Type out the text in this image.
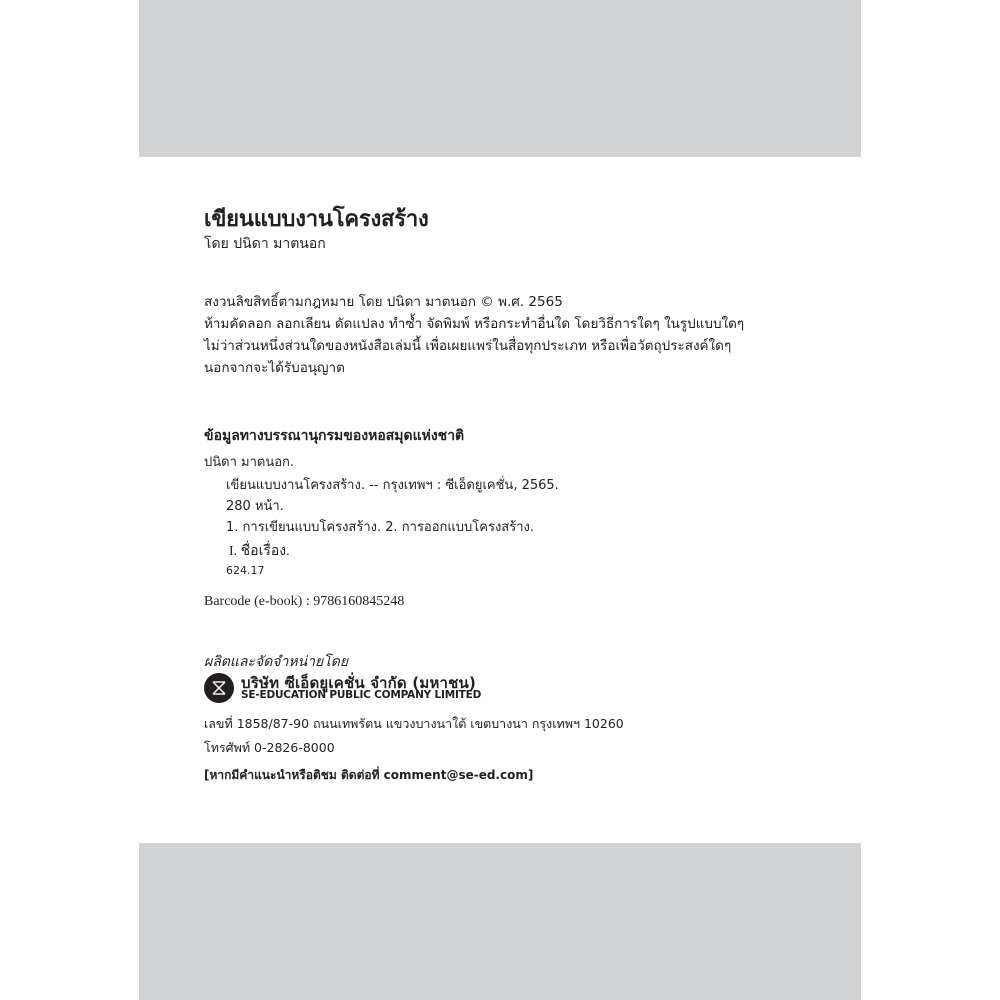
เขียนแบบงานโครงสร้าง
โดย ปนิดา มาตนอก
สงวนลิขสิทธิ์ตามกฎหมาย โดย ปนิดา มาตนอก © พ.ศ. 2565
ห้ามคัดลอก ลอกเลียน ดัดแปลง ทำซ้ำ จัดพิมพ์ หรือกระทำอื่นใด โดยวิธีการใดๆ ในรูปแบบใดๆ
ไม่ว่าส่วนหนึ่งส่วนใดของหนังสือเล่มนี้ เพื่อเผยแพร่ในสื่อทุกประเภท หรือเพื่อวัตถุประสงค์ใดๆ
นอกจากจะได้รับอนุญาต
ข้อมูลทางบรรณานุกรมของหอสมุดแห่งชาติ
ปนิดา มาตนอก.
เขียนแบบงานโครงสร้าง. -- กรุงเทพฯ : ซีเอ็ดยูเคชั่น, 2565.
280 หน้า.
1. การเขียนแบบโครงสร้าง. 2. การออกแบบโครงสร้าง.
I. ชื่อเรื่อง.
624.17
Barcode (e-book) : 9786160845248
ผลิตและจัดจำหน่ายโดย
บริษัท ซีเอ็ดยูเคชั่น จำกัด (มหาชน)
SE-EDUCATION PUBLIC COMPANY LIMITED
เลขที่ 1858/87-90 ถนนเทพรัตน แขวงบางนาใต้ เขตบางนา กรุงเทพฯ 10260
โทรศัพท์ 0-2826-8000
[หากมีคำแนะนำหรือติชม ติดต่อที่ comment@se-ed.com]
